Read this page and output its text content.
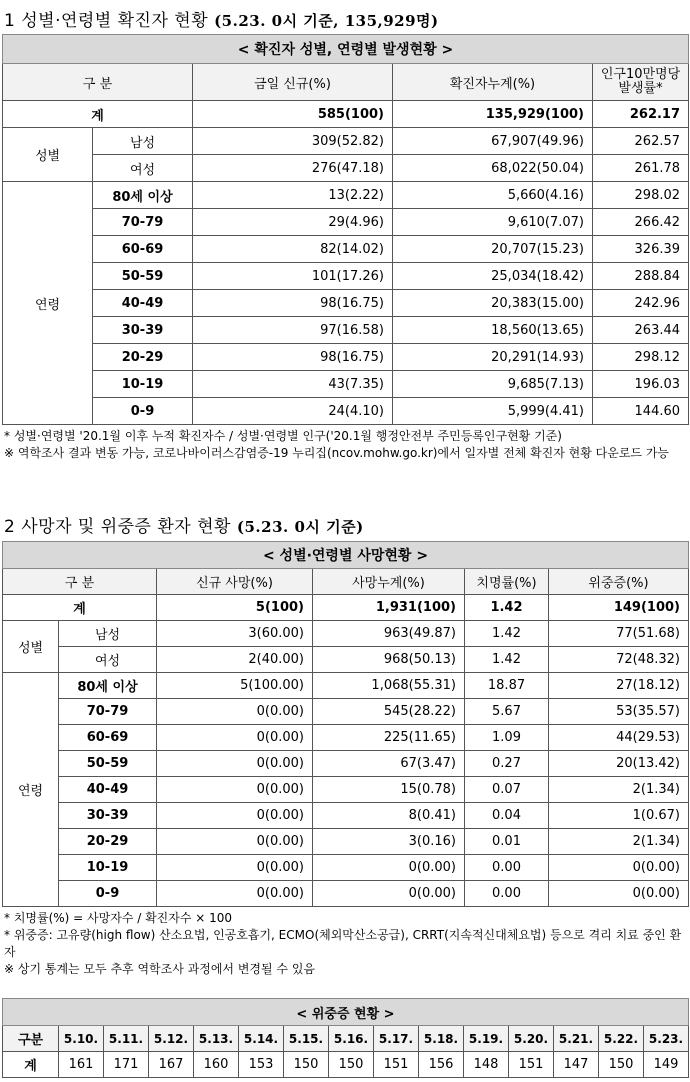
1 성별·연령별 확진자 현황 (5.23. 0시 기준, 135,929명)
< 확진자 성별, 연령별 발생현황 >				
구 분		금일 신규(%)	확진자누계(%)	인구10만명당
발생률*
계		585(100)	135,929(100)	262.17
성별	남성	309(52.82)	67,907(49.96)	262.57
	여성	276(47.18)	68,022(50.04)	261.78
연령	80세 이상	13(2.22)	5,660(4.16)	298.02
	70-79	29(4.96)	9,610(7.07)	266.42
	60-69	82(14.02)	20,707(15.23)	326.39
	50-59	101(17.26)	25,034(18.42)	288.84
	40-49	98(16.75)	20,383(15.00)	242.96
	30-39	97(16.58)	18,560(13.65)	263.44
	20-29	98(16.75)	20,291(14.93)	298.12
	10-19	43(7.35)	9,685(7.13)	196.03
	0-9	24(4.10)	5,999(4.41)	144.60
* 성별·연령별 '20.1월 이후 누적 확진자수 / 성별·연령별 인구('20.1월 행정안전부 주민등록인구현황 기준)
※ 역학조사 결과 변동 가능, 코로나바이러스감염증-19 누리집(ncov.mohw.go.kr)에서 일자별 전체 확진자 현황 다운로드 가능
2 사망자 및 위중증 환자 현황 (5.23. 0시 기준)
< 성별·연령별 사망현황 >					
구 분		신규 사망(%)	사망누계(%)	치명률(%)	위중증(%)
계		5(100)	1,931(100)	1.42	149(100)
성별	남성	3(60.00)	963(49.87)	1.42	77(51.68)
	여성	2(40.00)	968(50.13)	1.42	72(48.32)
연령	80세 이상	5(100.00)	1,068(55.31)	18.87	27(18.12)
	70-79	0(0.00)	545(28.22)	5.67	53(35.57)
	60-69	0(0.00)	225(11.65)	1.09	44(29.53)
	50-59	0(0.00)	67(3.47)	0.27	20(13.42)
	40-49	0(0.00)	15(0.78)	0.07	2(1.34)
	30-39	0(0.00)	8(0.41)	0.04	1(0.67)
	20-29	0(0.00)	3(0.16)	0.01	2(1.34)
	10-19	0(0.00)	0(0.00)	0.00	0(0.00)
	0-9	0(0.00)	0(0.00)	0.00	0(0.00)
* 치명률(%) = 사망자수 / 확진자수 × 100
* 위중증: 고유량(high flow) 산소요법, 인공호흡기, ECMO(체외막산소공급), CRRT(지속적신대체요법) 등으로 격리 치료 중인 환자
※ 상기 통계는 모두 추후 역학조사 과정에서 변경될 수 있음
< 위중증 현황 >														
구분	5.10.	5.11.	5.12.	5.13.	5.14.	5.15.	5.16.	5.17.	5.18.	5.19.	5.20.	5.21.	5.22.	5.23.
계	161	171	167	160	153	150	150	151	156	148	151	147	150	149
